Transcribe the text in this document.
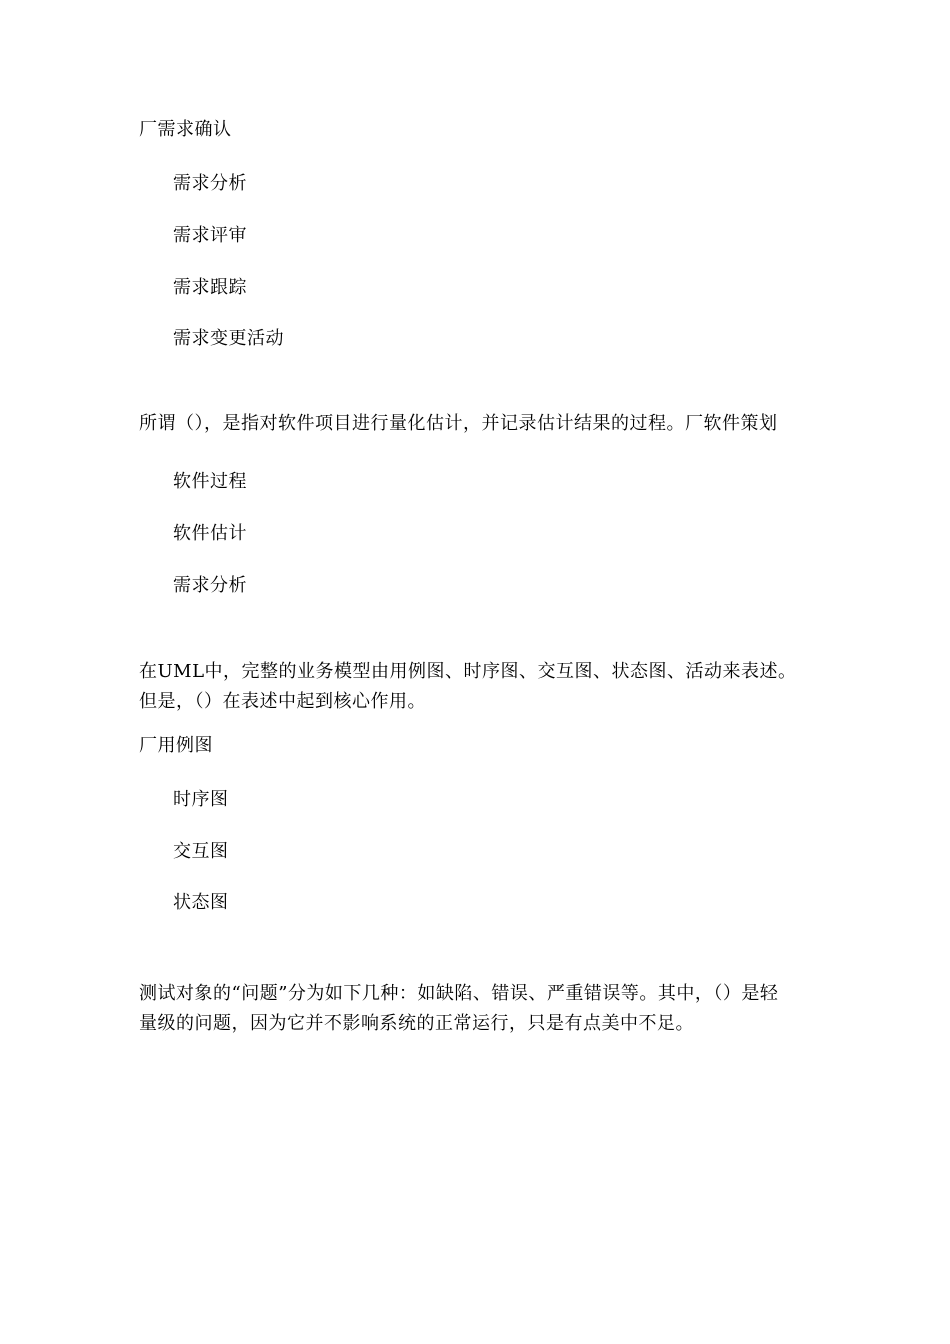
厂需求确认
需求分析
需求评审
需求跟踪
需求变更活动
所谓（），是指对软件项目进行量化估计，并记录估计结果的过程。厂软件策划
软件过程
软件估计
需求分析
在UML中，完整的业务模型由用例图、时序图、交互图、状态图、活动来表述。
但是，（）在表述中起到核心作用。
厂用例图
时序图
交互图
状态图
测试对象的“问题”分为如下几种：如缺陷、错误、严重错误等。其中，（）是轻
量级的问题，因为它并不影响系统的正常运行，只是有点美中不足。
